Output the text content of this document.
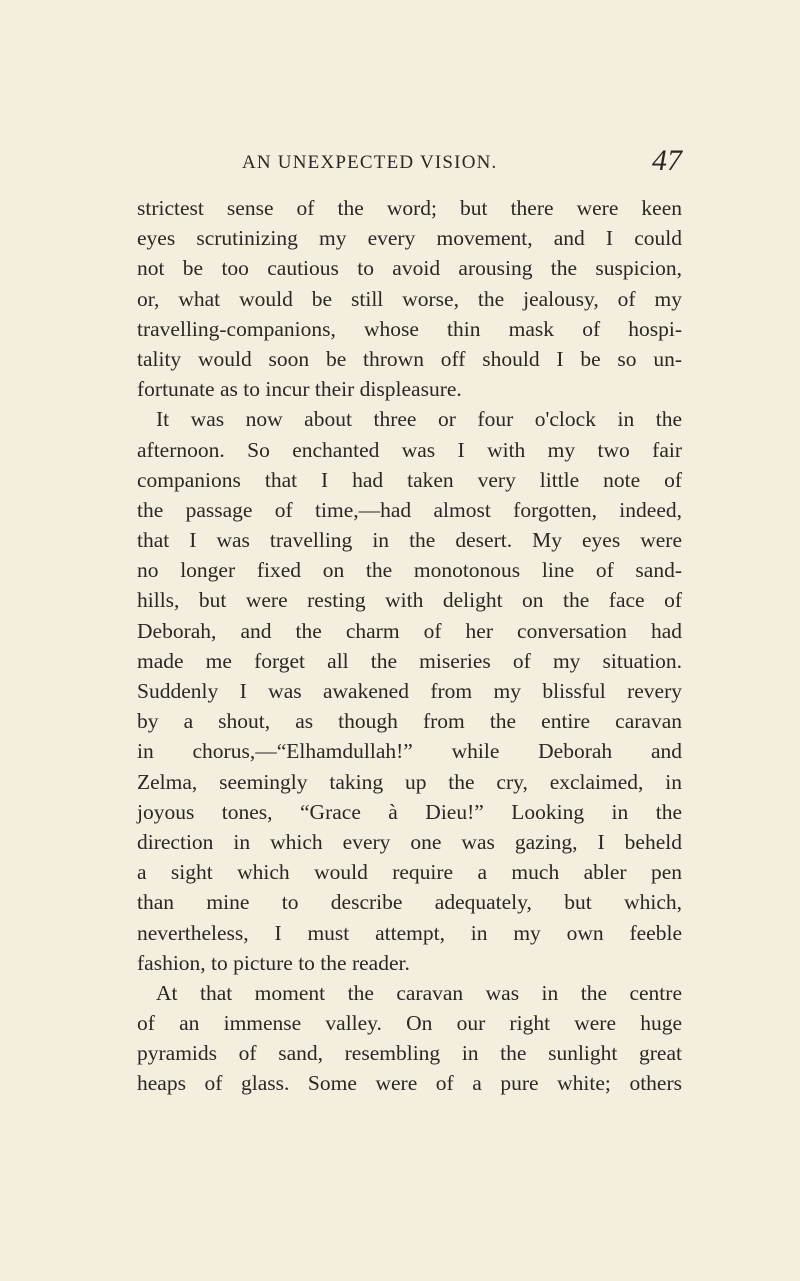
AN UNEXPECTED VISION.	47
strictest sense of the word; but there were keen
eyes scrutinizing my every movement, and I could
not be too cautious to avoid arousing the suspicion,
or, what would be still worse, the jealousy, of my
travelling-companions, whose thin mask of hospi-
tality would soon be thrown off should I be so un-
fortunate as to incur their displeasure.
It was now about three or four o'clock in the
afternoon. So enchanted was I with my two fair
companions that I had taken very little note of
the passage of time,—had almost forgotten, indeed,
that I was travelling in the desert. My eyes were
no longer fixed on the monotonous line of sand-
hills, but were resting with delight on the face of
Deborah, and the charm of her conversation had
made me forget all the miseries of my situation.
Suddenly I was awakened from my blissful revery
by a shout, as though from the entire caravan
in chorus,—“Elhamdullah!” while Deborah and
Zelma, seemingly taking up the cry, exclaimed, in
joyous tones, “Grace à Dieu!” Looking in the
direction in which every one was gazing, I beheld
a sight which would require a much abler pen
than mine to describe adequately, but which,
nevertheless, I must attempt, in my own feeble
fashion, to picture to the reader.
At that moment the caravan was in the centre
of an immense valley. On our right were huge
pyramids of sand, resembling in the sunlight great
heaps of glass. Some were of a pure white; others
